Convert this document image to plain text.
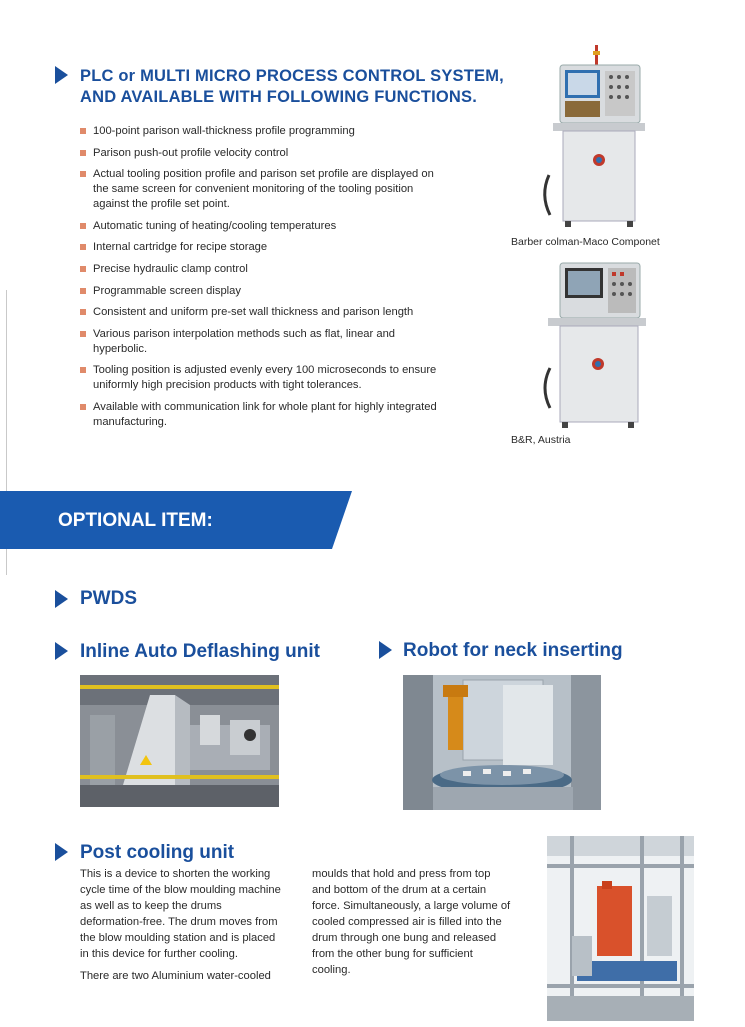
PLC or MULTI MICRO PROCESS CONTROL SYSTEM,
AND AVAILABLE WITH FOLLOWING FUNCTIONS.
100-point parison wall-thickness profile programming
Parison push-out profile velocity control
Actual tooling position profile and parison set profile are displayed on the same screen for convenient monitoring of the tooling position against the profile set point.
Automatic tuning of heating/cooling temperatures
Internal cartridge for recipe storage
Precise hydraulic clamp control
Programmable screen display
Consistent and uniform pre-set wall thickness and parison length
Various parison interpolation methods such as flat, linear and hyperbolic.
Tooling position is adjusted evenly every 100 microseconds to ensure uniformly high precision products with tight tolerances.
Available with communication link for whole plant for highly integrated manufacturing.
Barber colman-Maco Componet
B&R, Austria
OPTIONAL ITEM:
PWDS
Inline Auto Deflashing unit	Robot for neck inserting
Post cooling unit

This is a device to shorten the working cycle time of the blow moulding machine as well as to keep the drums deformation-free. The drum moves from the blow moulding station and is placed in this device for further cooling.

There are two Aluminium water-cooled

moulds that hold and press from top and bottom of the drum at a certain force. Simultaneously, a large volume of cooled compressed air is filled into the drum through one bung and released from the other bung for sufficient cooling.
